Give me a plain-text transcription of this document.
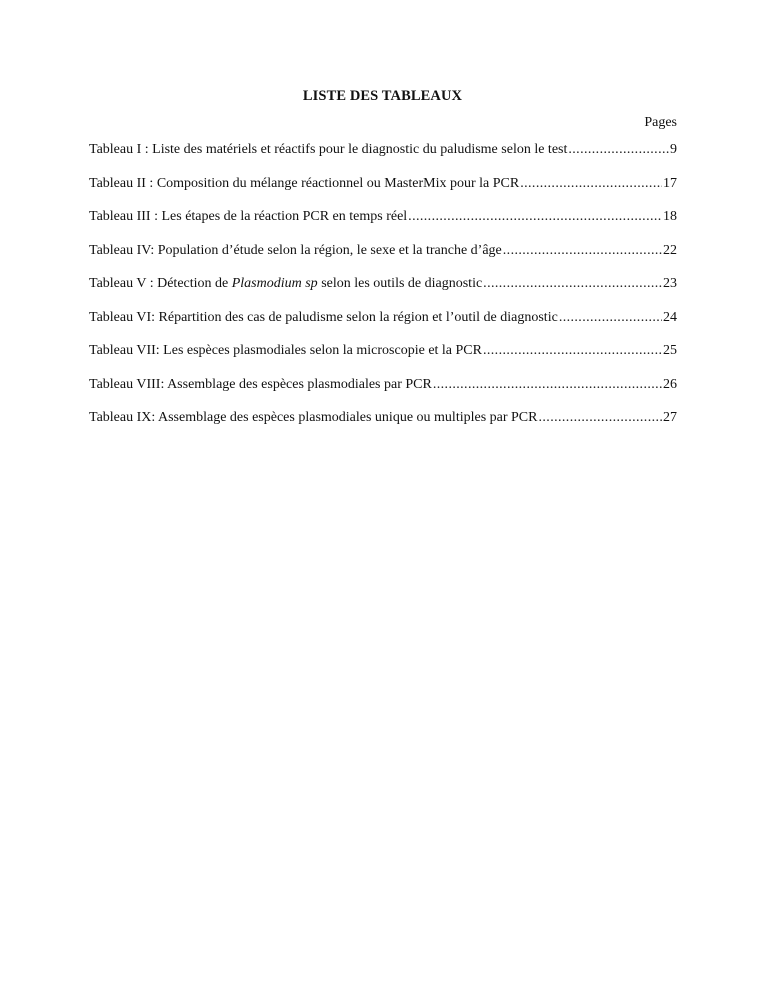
LISTE DES TABLEAUX
Pages
Tableau I : Liste des matériels et réactifs pour le diagnostic du paludisme selon le test .....	9
Tableau II : Composition du mélange réactionnel ou MasterMix pour la PCR .....	17
Tableau III : Les étapes de la réaction PCR en temps réel .....	18
Tableau IV: Population d’étude selon la région, le sexe et la tranche d’âge .....	22
Tableau V : Détection de Plasmodium sp selon les outils de diagnostic .....	23
Tableau VI: Répartition des cas de paludisme selon la région et l’outil de diagnostic .....	24
Tableau VII: Les espèces plasmodiales selon la microscopie et la PCR .....	25
Tableau VIII: Assemblage des espèces plasmodiales par PCR .....	26
Tableau IX: Assemblage des espèces plasmodiales unique ou multiples par PCR .....	27
